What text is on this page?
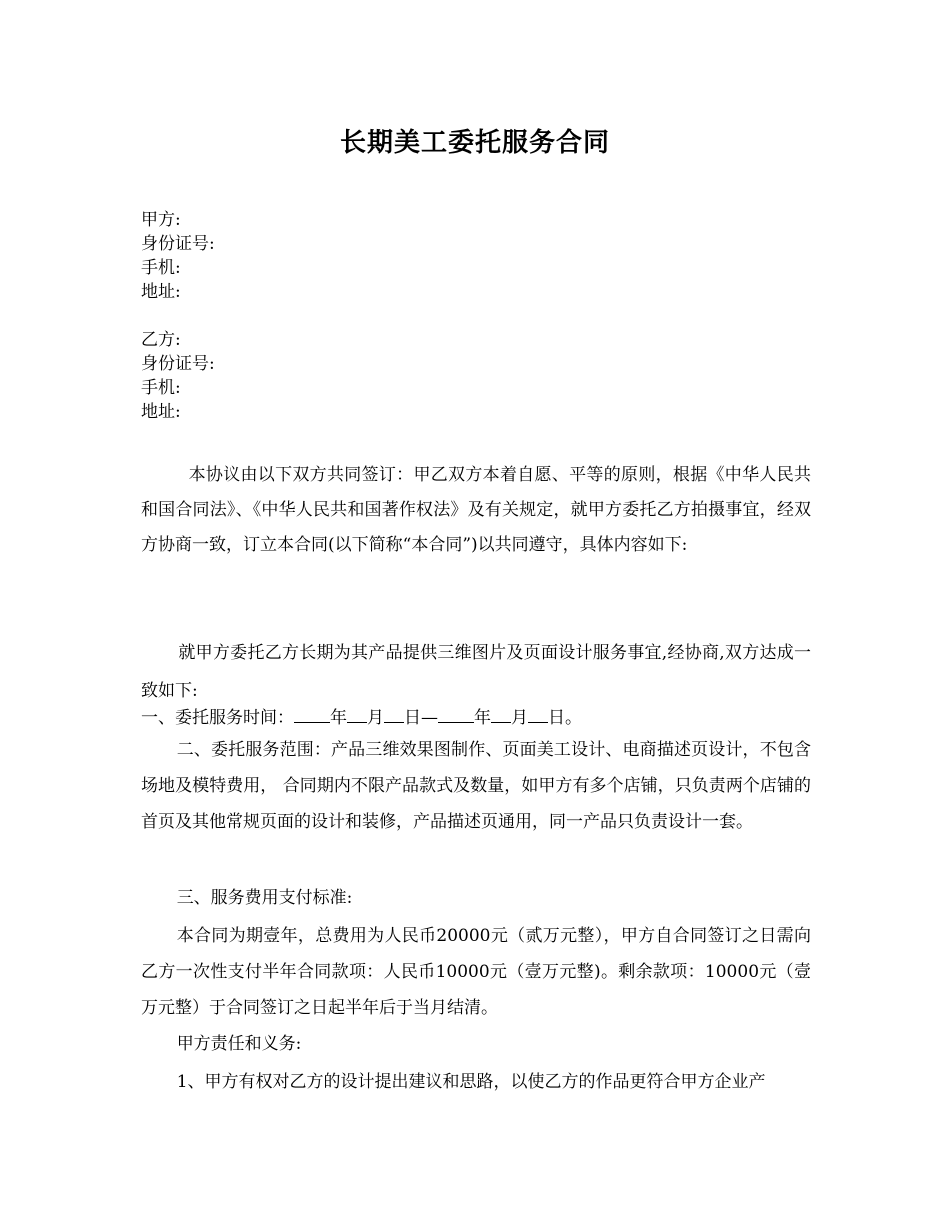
长期美工委托服务合同
甲方:
身份证号:
手机:
地址:
乙方:
身份证号:
手机:
地址:
本协议由以下双方共同签订：甲乙双方本着自愿、平等的原则，根据《中华人民共和国合同法》、《中华人民共和国著作权法》及有关规定，就甲方委托乙方拍摄事宜，经双方协商一致，订立本合同(以下简称“本合同”)以共同遵守，具体内容如下:
就甲方委托乙方长期为其产品提供三维图片及页面设计服务事宜,经协商,双方达成一致如下:
一、委托服务时间： 年 月 日— 年 月 日。
二、委托服务范围：产品三维效果图制作、页面美工设计、电商描述页设计，不包含场地及模特费用， 合同期内不限产品款式及数量，如甲方有多个店铺，只负责两个店铺的首页及其他常规页面的设计和装修，产品描述页通用，同一产品只负责设计一套。
三、服务费用支付标准:
本合同为期壹年，总费用为人民币20000元（贰万元整），甲方自合同签订之日需向乙方一次性支付半年合同款项：人民币10000元（壹万元整)。剩余款项：10000元（壹万元整）于合同签订之日起半年后于当月结清。
甲方责任和义务:
1、甲方有权对乙方的设计提出建议和思路，以使乙方的作品更符合甲方企业产
